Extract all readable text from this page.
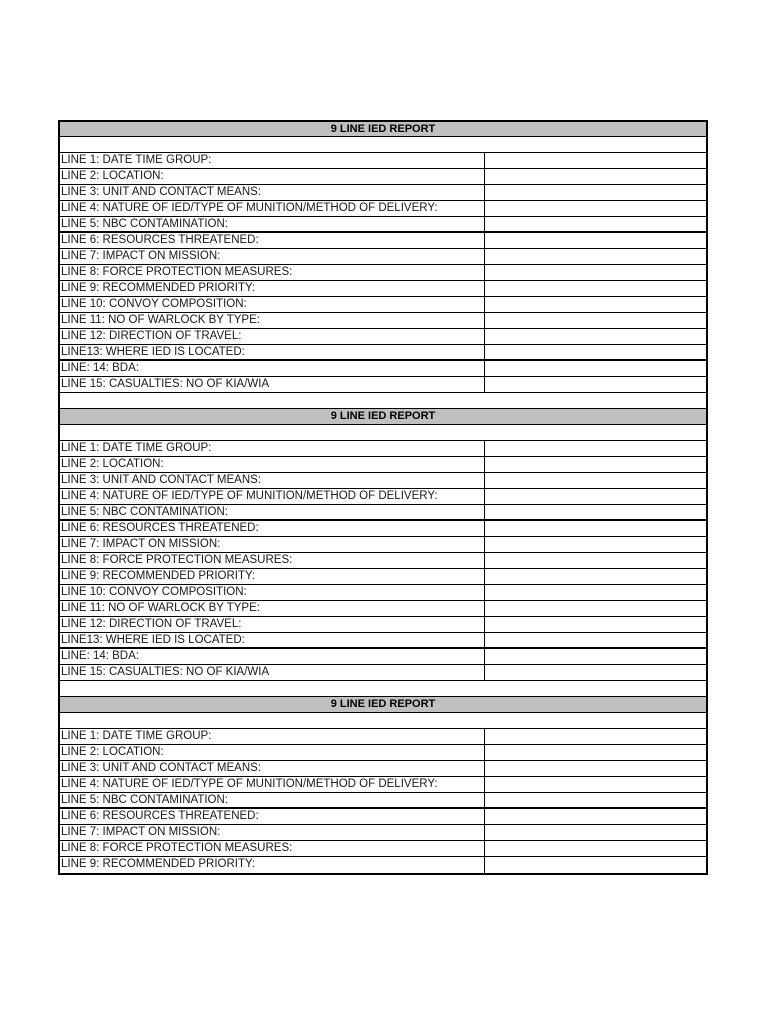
9 LINE IED REPORT
LINE 1: DATE TIME GROUP:
LINE 2: LOCATION:
LINE 3: UNIT AND CONTACT MEANS:
LINE 4: NATURE OF IED/TYPE OF MUNITION/METHOD OF DELIVERY:
LINE 5: NBC CONTAMINATION:
LINE 6: RESOURCES THREATENED:
LINE 7: IMPACT ON MISSION:
LINE 8: FORCE PROTECTION MEASURES:
LINE 9: RECOMMENDED PRIORITY:
LINE 10: CONVOY COMPOSITION:
LINE 11: NO OF WARLOCK BY TYPE:
LINE 12: DIRECTION OF TRAVEL:
LINE13: WHERE IED IS LOCATED:
LINE: 14: BDA:
LINE 15: CASUALTIES: NO OF KIA/WIA
9 LINE IED REPORT
LINE 1: DATE TIME GROUP:
LINE 2: LOCATION:
LINE 3: UNIT AND CONTACT MEANS:
LINE 4: NATURE OF IED/TYPE OF MUNITION/METHOD OF DELIVERY:
LINE 5: NBC CONTAMINATION:
LINE 6: RESOURCES THREATENED:
LINE 7: IMPACT ON MISSION:
LINE 8: FORCE PROTECTION MEASURES:
LINE 9: RECOMMENDED PRIORITY:
LINE 10: CONVOY COMPOSITION:
LINE 11: NO OF WARLOCK BY TYPE:
LINE 12: DIRECTION OF TRAVEL:
LINE13: WHERE IED IS LOCATED:
LINE: 14: BDA:
LINE 15: CASUALTIES: NO OF KIA/WIA
9 LINE IED REPORT
LINE 1: DATE TIME GROUP:
LINE 2: LOCATION:
LINE 3: UNIT AND CONTACT MEANS:
LINE 4: NATURE OF IED/TYPE OF MUNITION/METHOD OF DELIVERY:
LINE 5: NBC CONTAMINATION:
LINE 6: RESOURCES THREATENED:
LINE 7: IMPACT ON MISSION:
LINE 8: FORCE PROTECTION MEASURES:
LINE 9: RECOMMENDED PRIORITY:
